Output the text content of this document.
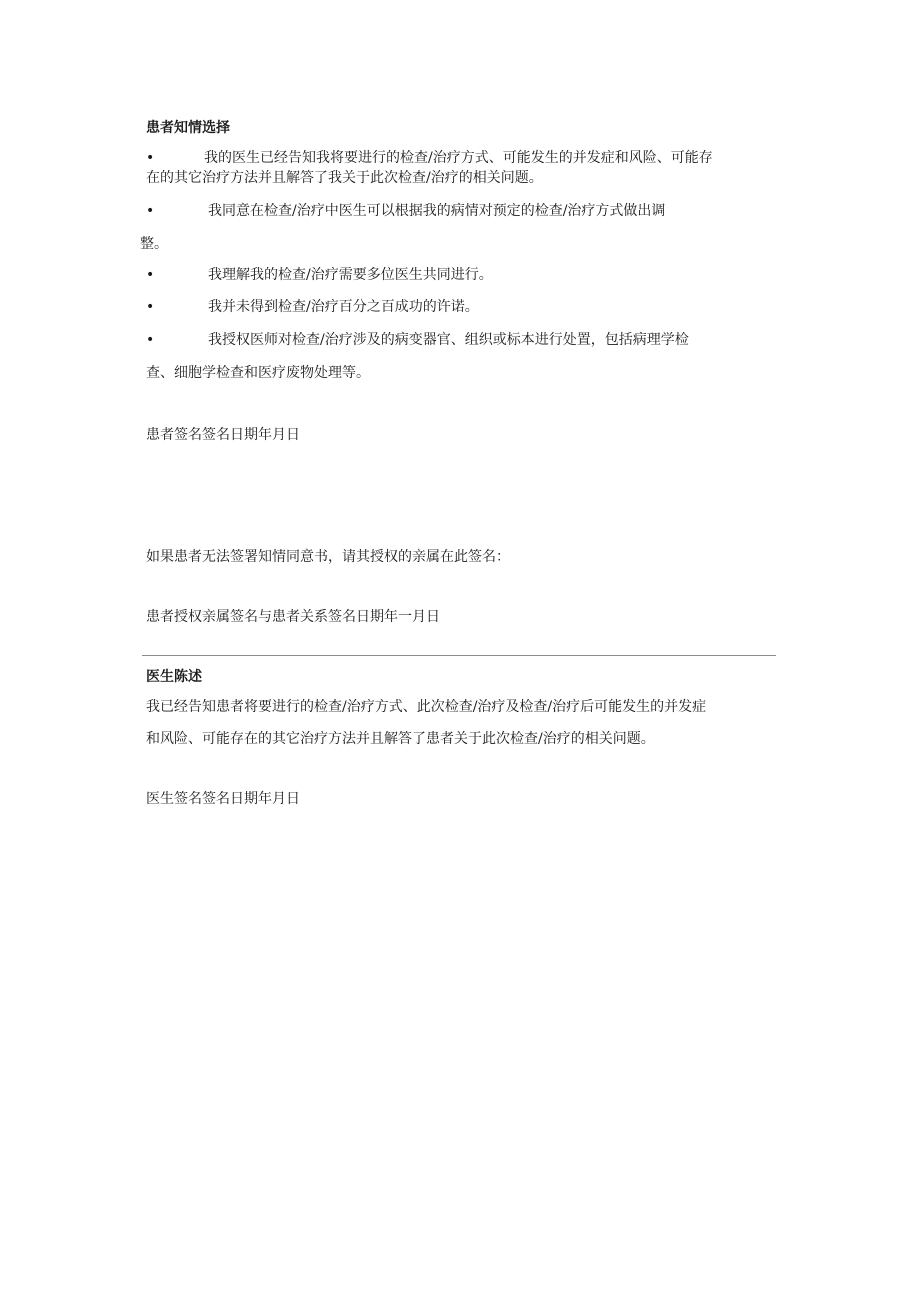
患者知情选择
•	我的医生已经告知我将要进行的检查/治疗方式、可能发生的并发症和风险、可能存
在的其它治疗方法并且解答了我关于此次检查/治疗的相关问题。
•	我同意在检查/治疗中医生可以根据我的病情对预定的检查/治疗方式做出调
整。
•	我理解我的检查/治疗需要多位医生共同进行。
•	我并未得到检查/治疗百分之百成功的许诺。
•	我授权医师对检查/治疗涉及的病变器官、组织或标本进行处置，包括病理学检
查、细胞学检查和医疗废物处理等。
患者签名签名日期年月日
如果患者无法签署知情同意书，请其授权的亲属在此签名：
患者授权亲属签名与患者关系签名日期年一月日
医生陈述
我已经告知患者将要进行的检查/治疗方式、此次检查/治疗及检查/治疗后可能发生的并发症
和风险、可能存在的其它治疗方法并且解答了患者关于此次检查/治疗的相关问题。
医生签名签名日期年月日
